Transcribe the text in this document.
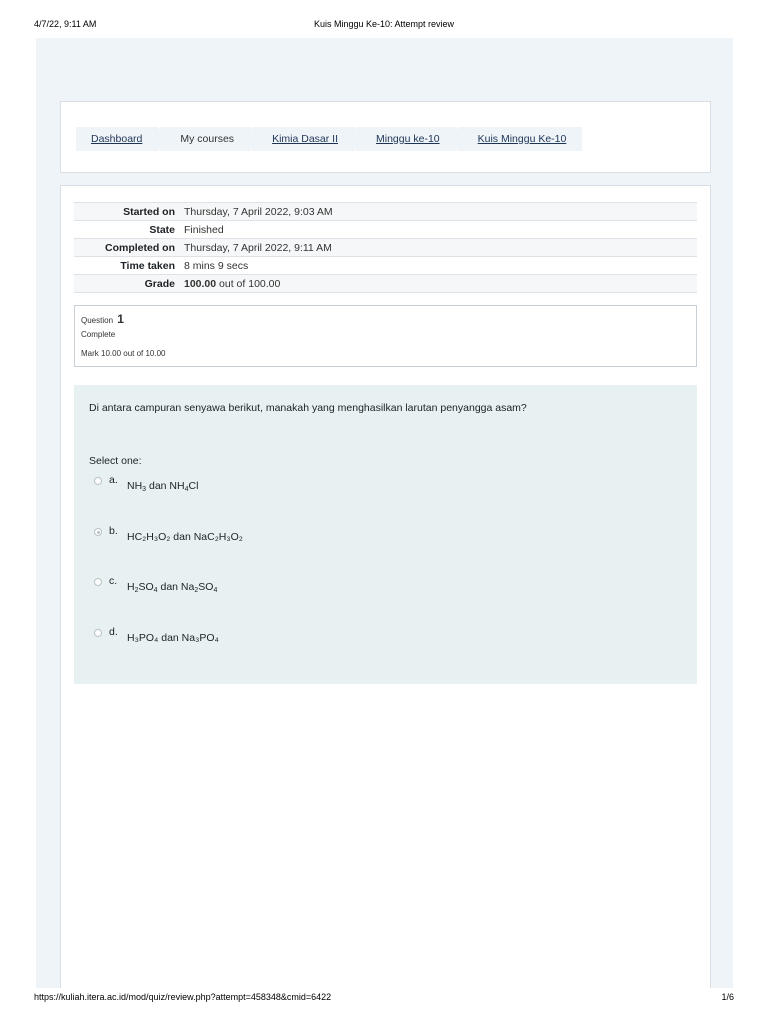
4/7/22, 9:11 AM	Kuis Minggu Ke-10: Attempt review
Dashboard	My courses	Kimia Dasar II	Minggu ke-10	Kuis Minggu Ke-10
Started on	Thursday, 7 April 2022, 9:03 AM
State	Finished
Completed on	Thursday, 7 April 2022, 9:11 AM
Time taken	8 mins 9 secs
Grade	100.00 out of 100.00
Question 1
Complete
Mark 10.00 out of 10.00
Di antara campuran senyawa berikut, manakah yang menghasilkan larutan penyangga asam?
Select one:
a. $NH_3$ dan $NH_4Cl$
b. HC₂H₃O₂ dan NaC₂H₃O₂
c. $H_2SO_4$ dan $Na_2SO_4$
d. H₃PO₄ dan Na₃PO₄
https://kuliah.itera.ac.id/mod/quiz/review.php?attempt=458348&cmid=6422	1/6
